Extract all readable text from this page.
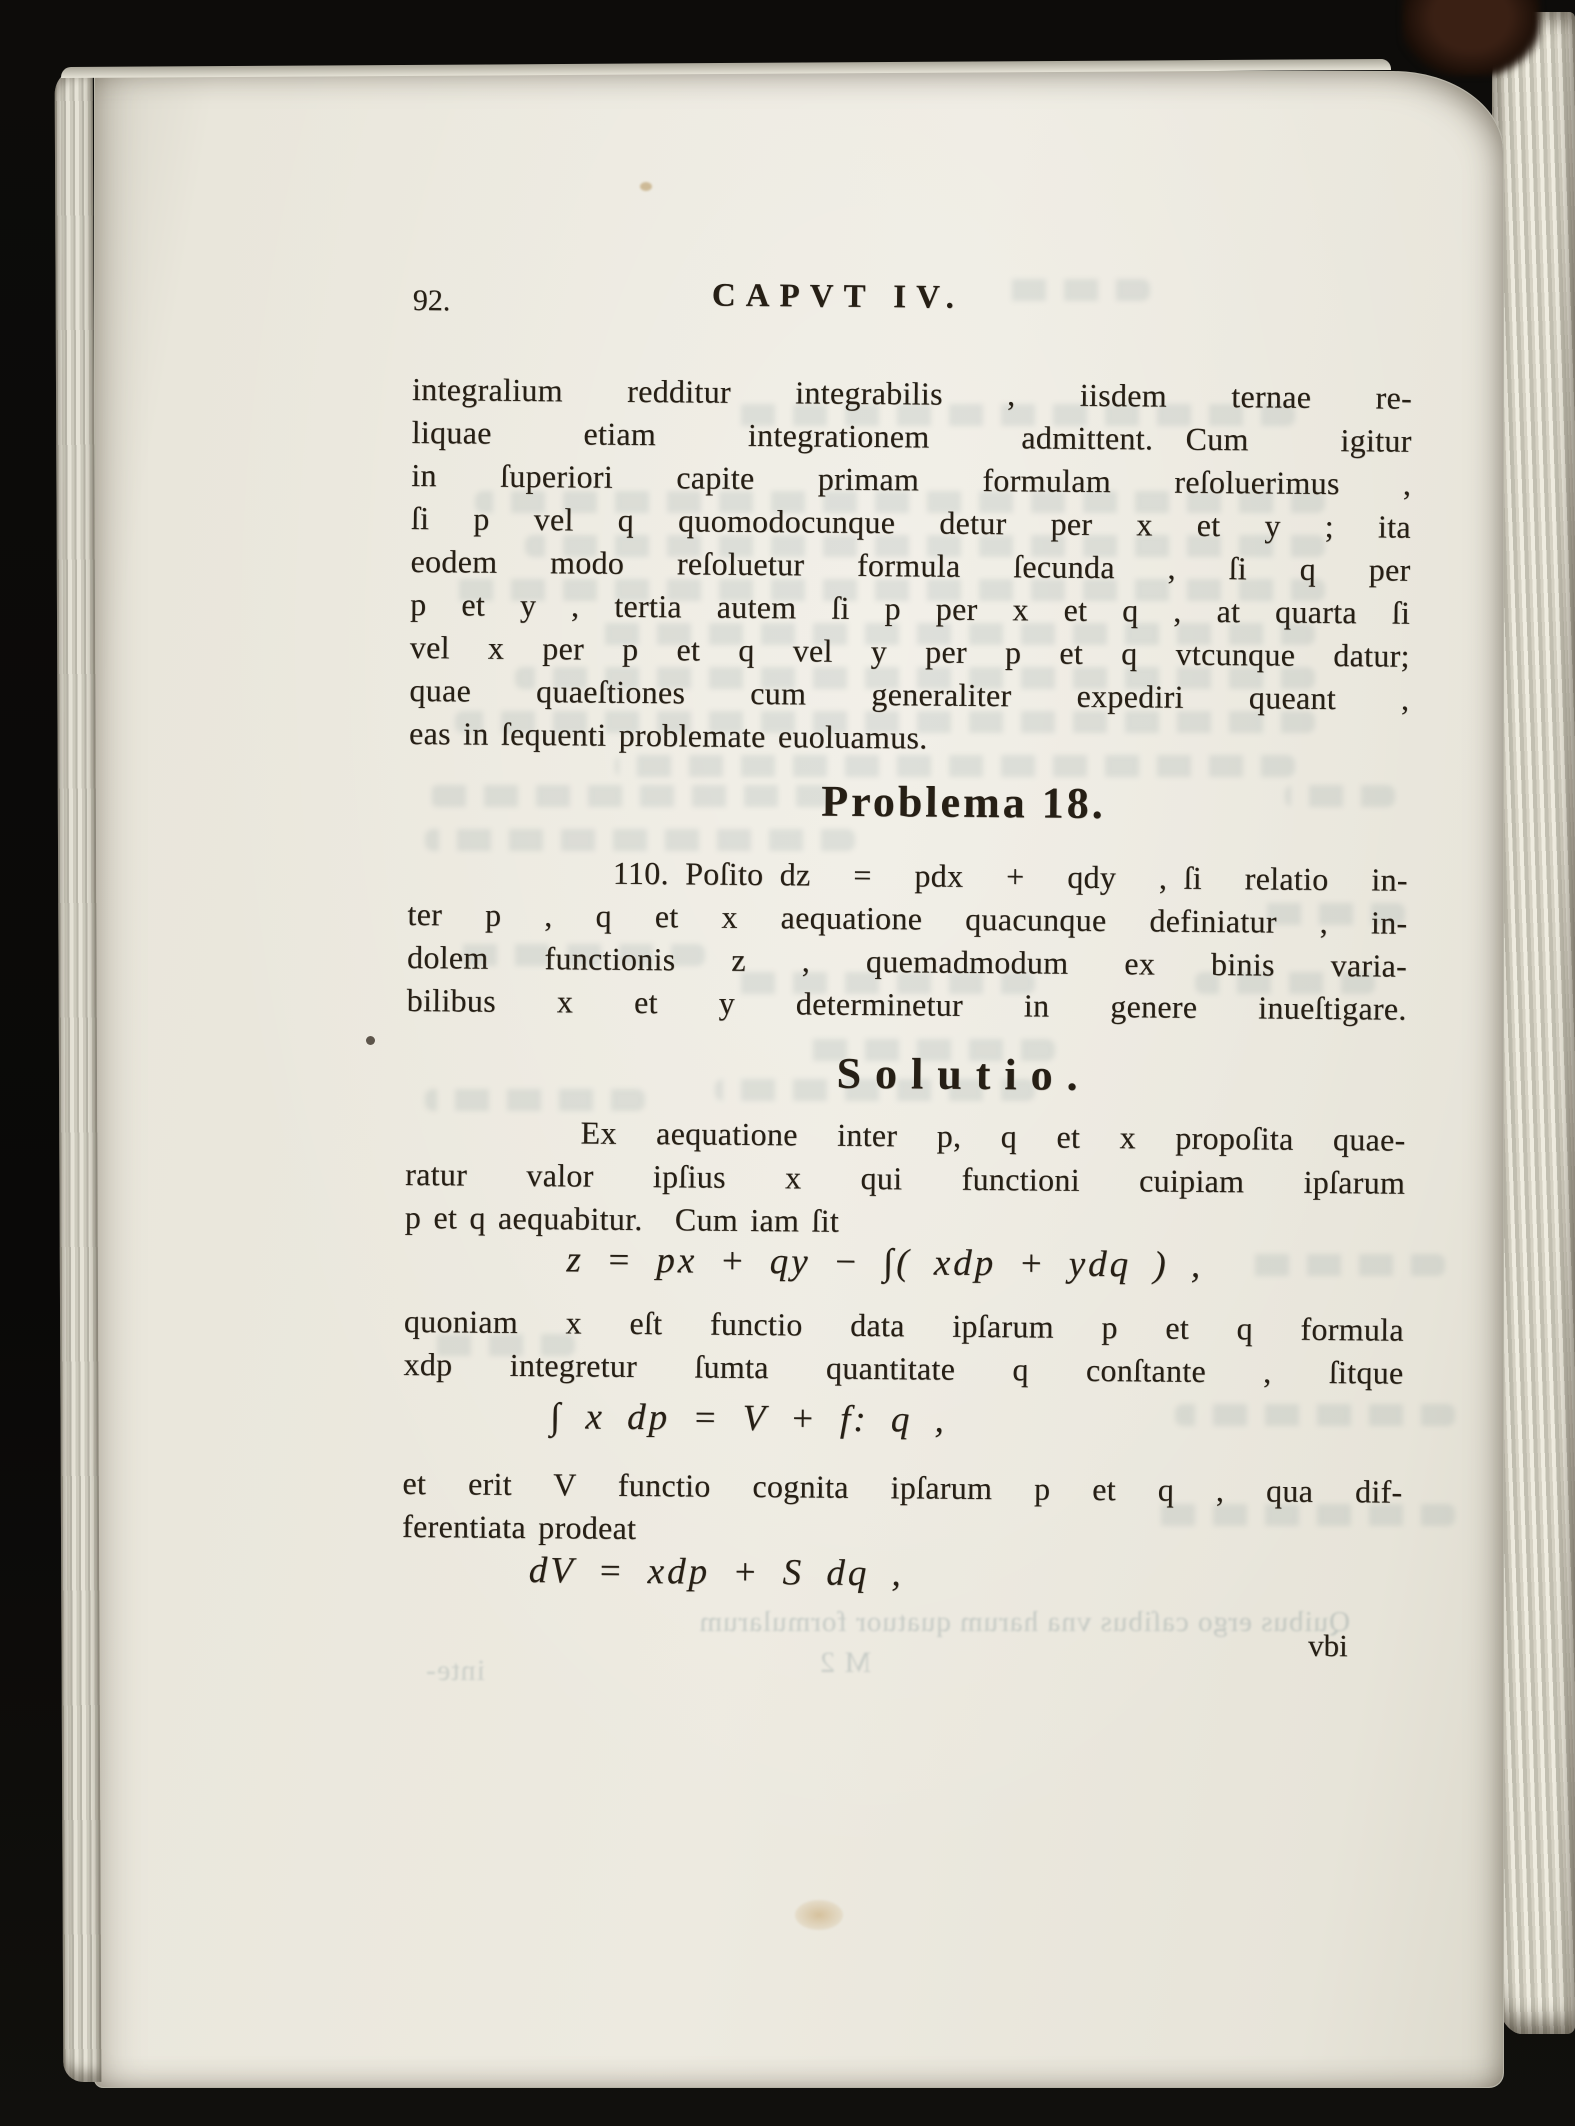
Quibus ergo caſibus vna harum quatuor formularum
M 2
inte-
92.	CAPVT IV.
integralium redditur integrabilis , iisdem ternae re-
liquae etiam integrationem admittent. Cum igitur
in ſuperiori capite primam formulam reſoluerimus ,
ſi p vel q quomodocunque detur per x et y ; ita
eodem modo reſoluetur formula ſecunda , ſi q per
p et y , tertia autem ſi p per x et q , at quarta ſi
vel x per p et q vel y per p et q vtcunque datur;
quae quaeſtiones cum generaliter expediri queant ,
eas in ſequenti problemate euoluamus.
Problema 18.
110. Poſito dz = pdx + qdy , ſi relatio in-
ter p , q et x aequatione quacunque definiatur , in-
dolem functionis z , quemadmodum ex binis varia-
bilibus x et y determinetur in genere inueſtigare.
Solutio.
Ex aequatione inter p, q et x propoſita quae-
ratur valor ipſius x qui functioni cuipiam ipſarum
p et q aequabitur. Cum iam ſit
z = px + qy − ∫( xdp + ydq ) ,
quoniam x eſt functio data ipſarum p et q formula
xdp integretur ſumta quantitate q conſtante , ſitque
∫ x dp = V + f: q ,
et erit V functio cognita ipſarum p et q , qua dif-
ferentiata prodeat
dV = xdp + S dq ,
vbi
